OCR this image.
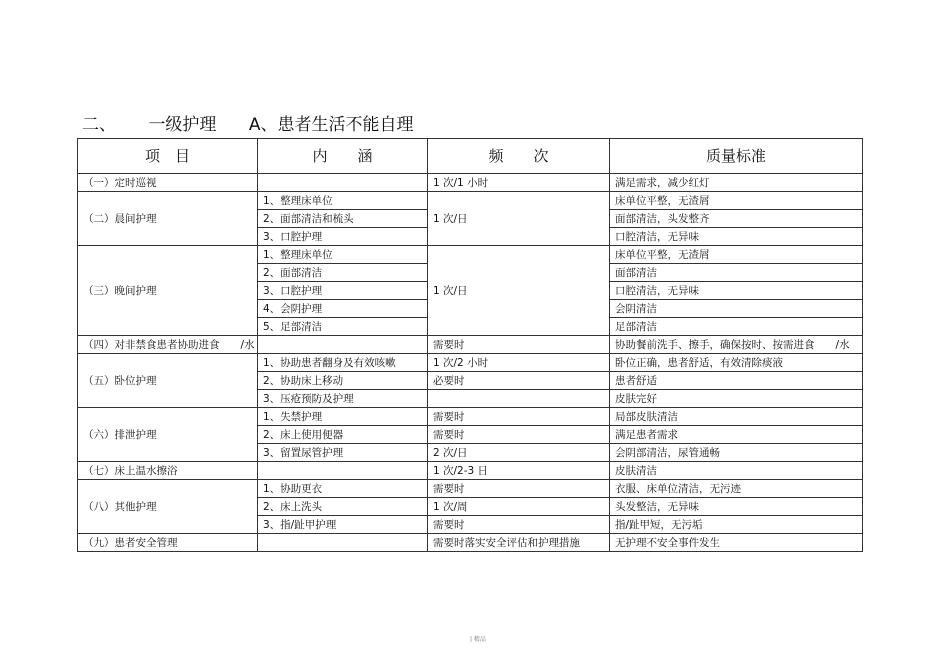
二、 一级护理 A、患者生活不能自理
项　目	内　　涵	频　　次	质量标准
（一）定时巡视		1 次/1 小时	满足需求，减少红灯
（二）晨间护理	1、整理床单位	1 次/日	床单位平整，无渣屑
	2、面部清洁和梳头		面部清洁，头发整齐
	3、口腔护理		口腔清洁，无异味
（三）晚间护理	1、整理床单位	1 次/日	床单位平整，无渣屑
	2、面部清洁		面部清洁
	3、口腔护理		口腔清洁，无异味
	4、会阴护理		会阴清洁
	5、足部清洁		足部清洁
（四）对非禁食患者协助进食　　/水		需要时	协助餐前洗手、擦手，确保按时、按需进食　　/水
（五）卧位护理	1、协助患者翻身及有效咳嗽	1 次/2 小时	卧位正确，患者舒适，有效清除痰液
	2、协助床上移动	必要时	患者舒适
	3、压疮预防及护理		皮肤完好
（六）排泄护理	1、失禁护理	需要时	局部皮肤清洁
	2、床上使用便器	需要时	满足患者需求
	3、留置尿管护理	2 次/日	会阴部清洁，尿管通畅
（七）床上温水擦浴		1 次/2-3 日	皮肤清洁
（八）其他护理	1、协助更衣	需要时	衣服、床单位清洁，无污迹
	2、床上洗头	1 次/周	头发整洁，无异味
	3、指/趾甲护理	需要时	指/趾甲短，无污垢
（九）患者安全管理		需要时落实安全评估和护理措施	无护理不安全事件发生
| 精品
